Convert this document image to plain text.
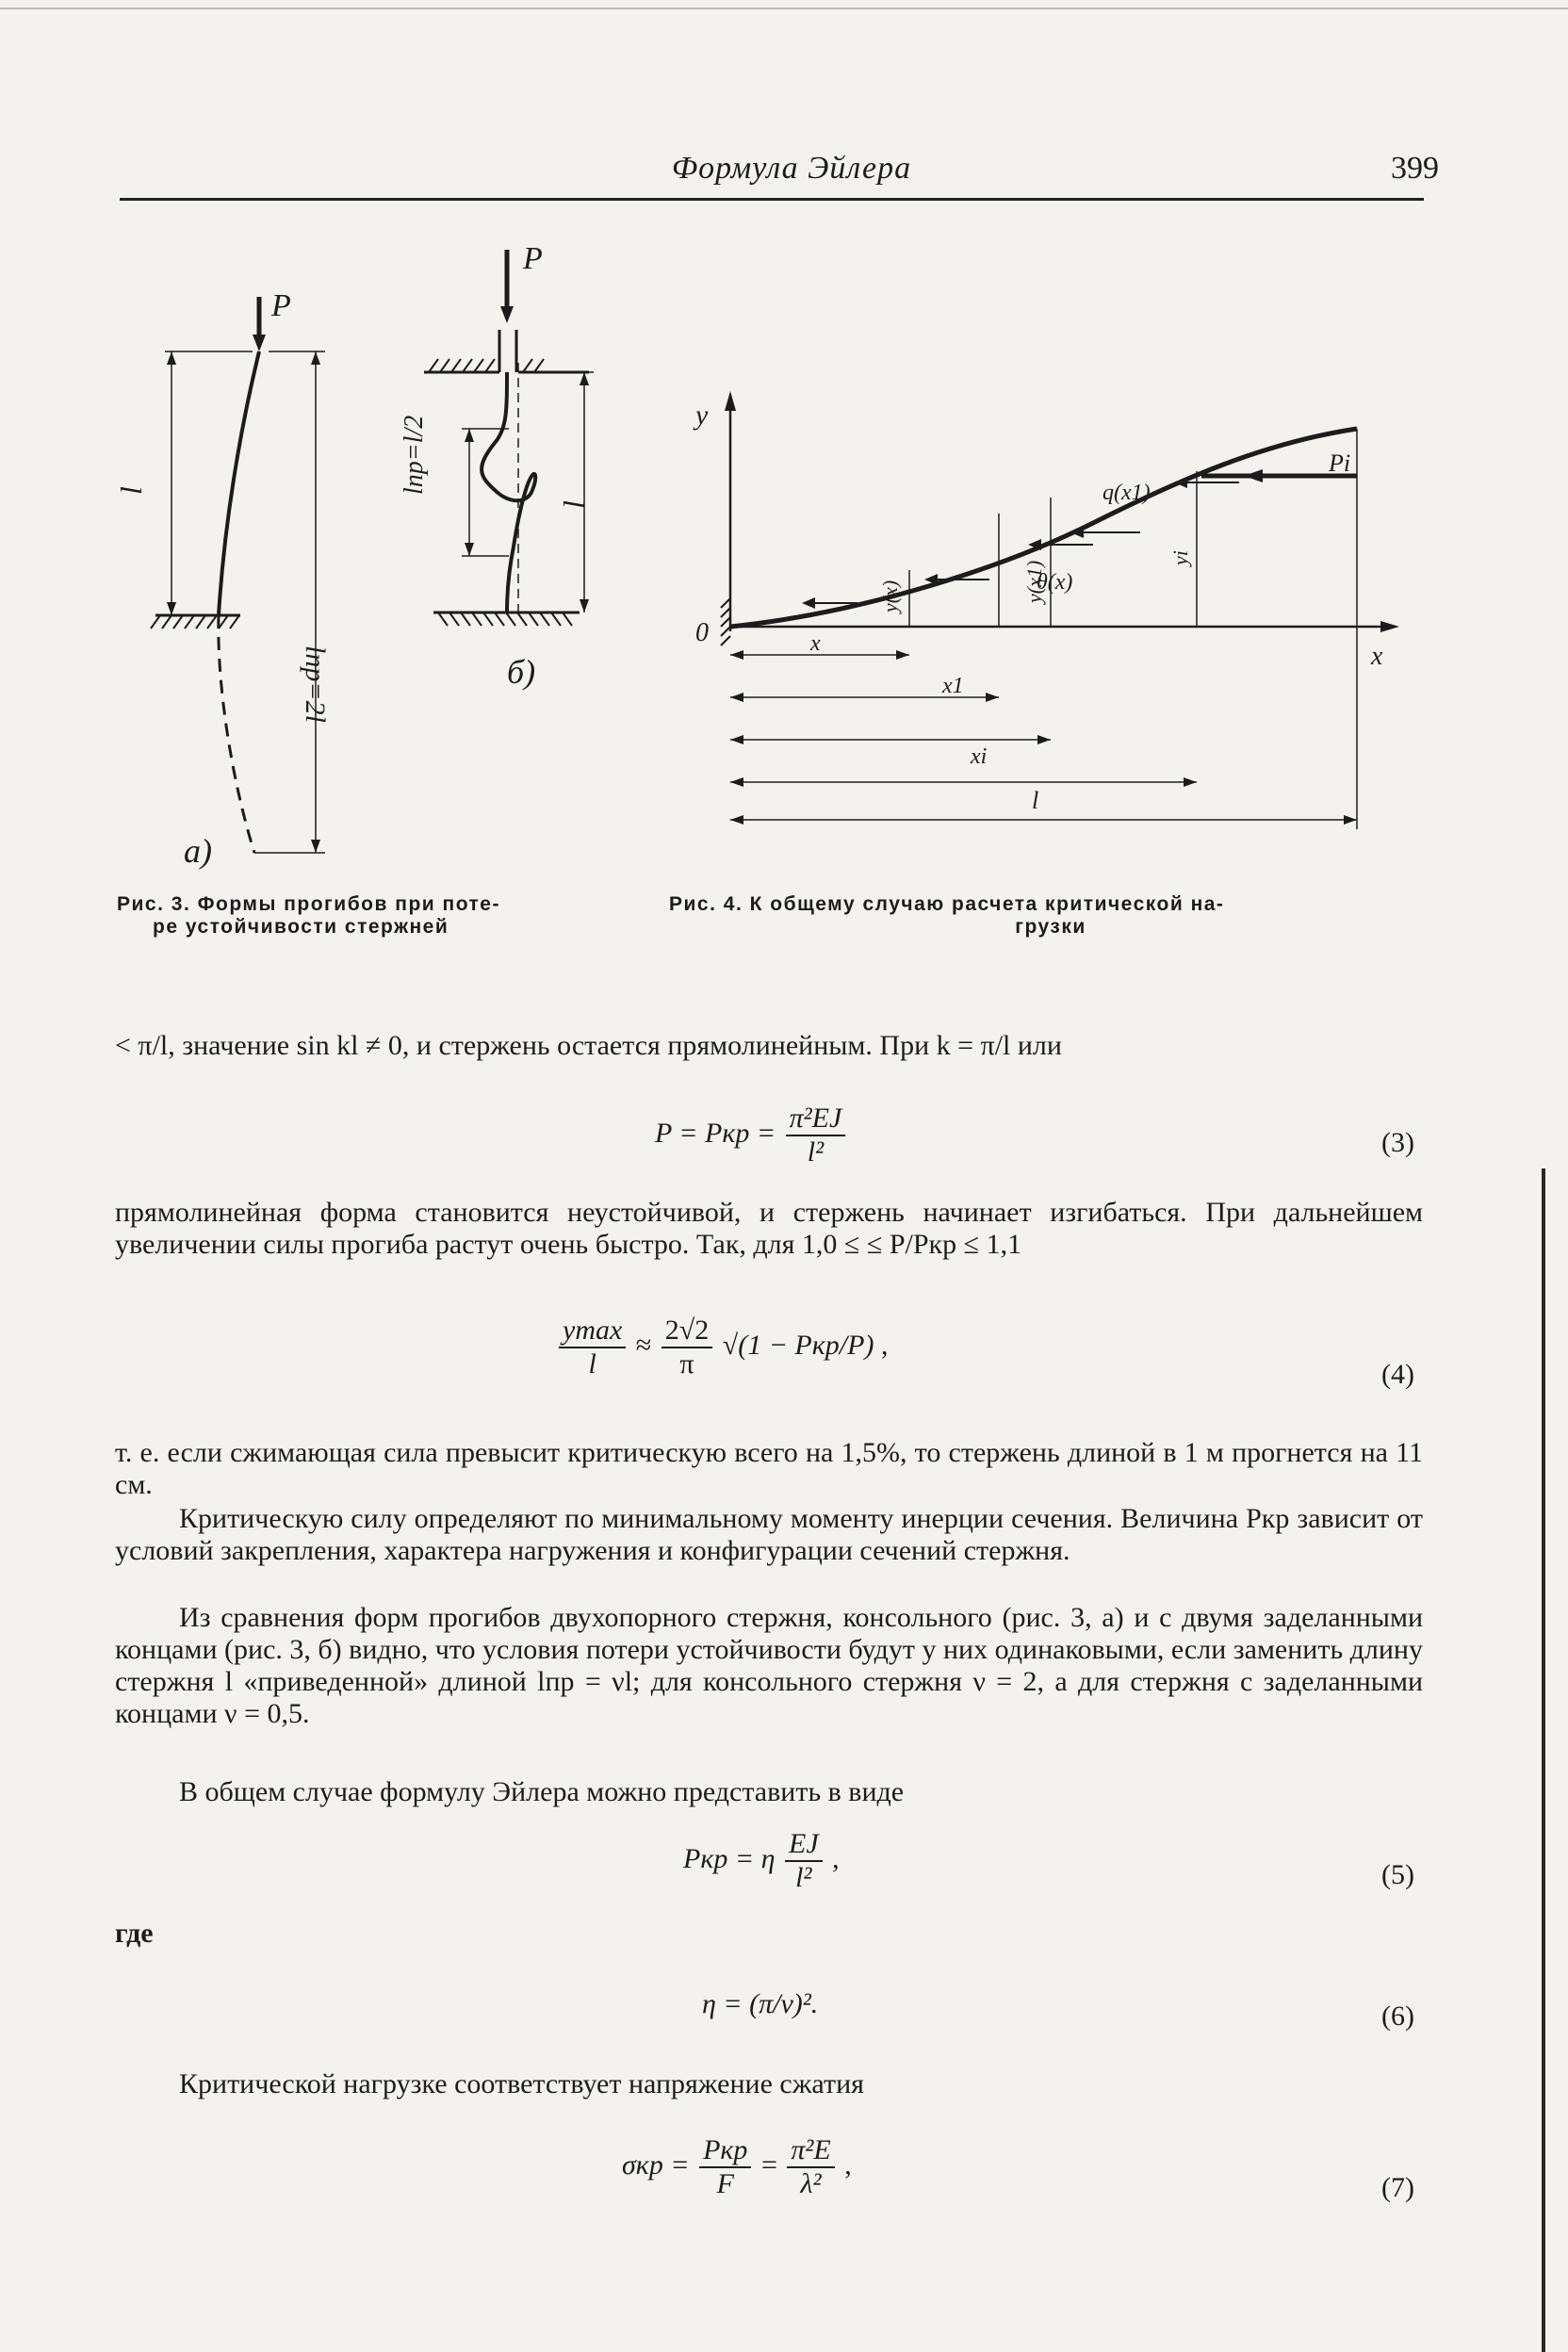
Формула Эйлера	399
P
l
lпр=2l
а)
P
lпр=l/2
l
б)
Рис. 3. Формы прогибов при поте-
ре устойчивости стержней
y
x
0
Pi
q(x1)
θ(x)
y(x)	y(x1)
yi
x
x1
xi
l
Рис. 4. К общему случаю расчета критической на-
грузки
< π/l, значение sin kl ≠ 0, и стержень остается прямолинейным. При k = π/l или
P = Pкр = $\frac{\text{π²EJ}}{\text{l²}}$	(3)
прямолинейная форма становится неустойчивой, и стержень начинает изгибаться. При дальнейшем увеличении силы прогиба растут очень быстро. Так, для 1,0 ≤ ≤ P/Pкр ≤ 1,1
$\frac{ymax}{l} \approx \frac{2√2}{\pi} √(1 - Pкр/P)$ ,
(4)
т. е. если сжимающая сила превысит критическую всего на 1,5%, то стержень длиной в 1 м прогнется на 11 см.
Критическую силу определяют по минимальному моменту инерции сечения. Величина Pкр зависит от условий закрепления, характера нагружения и конфигурации сечений стержня.
Из сравнения форм прогибов двухопорного стержня, консольного (рис. 3, а) и с двумя заделанными концами (рис. 3, б) видно, что условия потери устойчивости будут у них одинаковыми, если заменить длину стержня l «приведенной» длиной lпр = νl; для консольного стержня ν = 2, а для стержня с заделанными концами ν = 0,5.
В общем случае формулу Эйлера можно представить в виде
Pкр = η $\frac{EJ}{\text{l²}}$ ,
(5)
где
η = (π/ν)².	(6)
Критической нагрузке соответствует напряжение сжатия
$\sigma кр = \frac{\text{Pкр}}{F} = \frac{\text{π²E}}{\text{λ²}}$ ,
(7)
